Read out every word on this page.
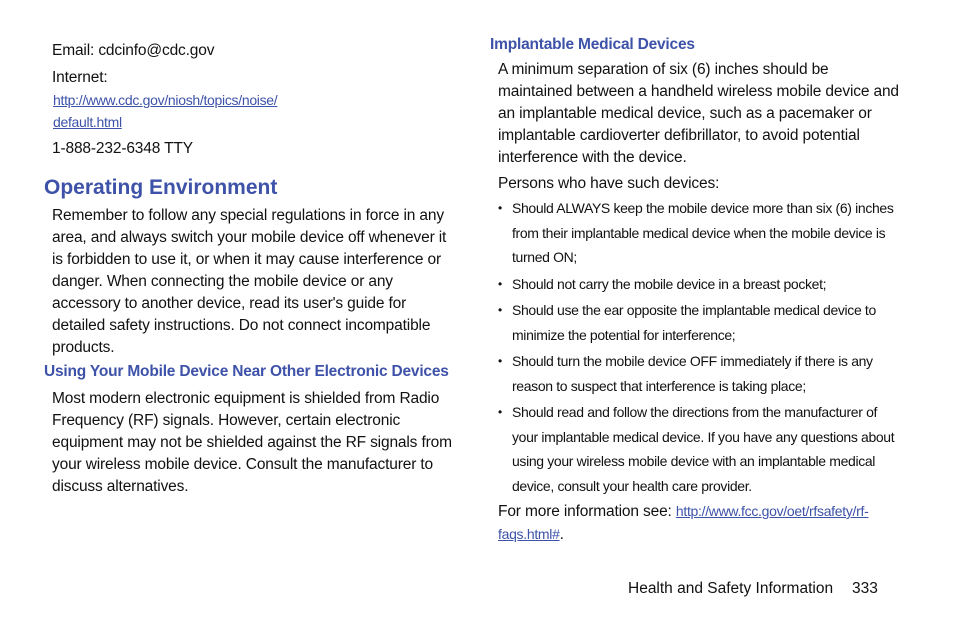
Email: cdcinfo@cdc.gov

Internet:

http://www.cdc.gov/niosh/topics/noise/

default.html

1-888-232-6348 TTY

Operating Environment

Remember to follow any special regulations in force in any area, and always switch your mobile device off whenever it is forbidden to use it, or when it may cause interference or danger. When connecting the mobile device or any accessory to another device, read its user's guide for detailed safety instructions. Do not connect incompatible products.

Using Your Mobile Device Near Other Electronic Devices

Most modern electronic equipment is shielded from Radio Frequency (RF) signals. However, certain electronic equipment may not be shielded against the RF signals from your wireless mobile device. Consult the manufacturer to discuss alternatives.

Implantable Medical Devices

A minimum separation of six (6) inches should be maintained between a handheld wireless mobile device and an implantable medical device, such as a pacemaker or implantable cardioverter defibrillator, to avoid potential interference with the device.

Persons who have such devices:

• Should ALWAYS keep the mobile device more than six (6) inches from their implantable medical device when the mobile device is turned ON;
• Should not carry the mobile device in a breast pocket;
• Should use the ear opposite the implantable medical device to minimize the potential for interference;
• Should turn the mobile device OFF immediately if there is any reason to suspect that interference is taking place;
• Should read and follow the directions from the manufacturer of your implantable medical device. If you have any questions about using your wireless mobile device with an implantable medical device, consult your health care provider.

For more information see: http://www.fcc.gov/oet/rfsafety/rf-faqs.html#.

Health and Safety Information 333
